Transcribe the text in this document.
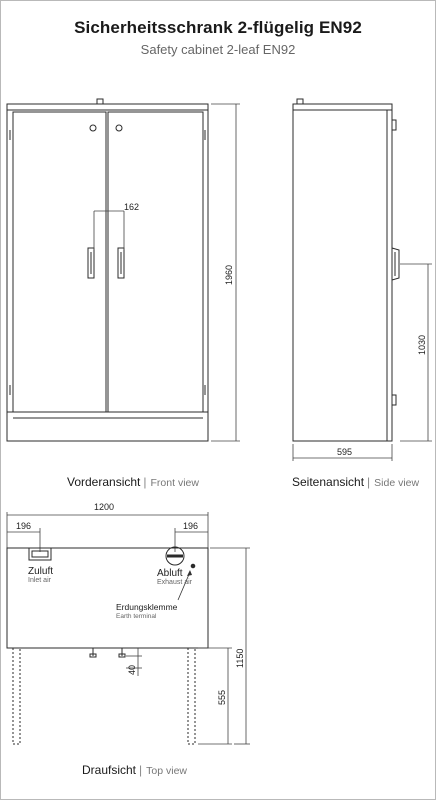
Sicherheitsschrank 2-flügelig EN92
Safety cabinet 2-leaf EN92
162
1960
1030
595
1200
196	196
40
555
1150
Zuluft
Inlet air
Abluft
Exhaust air
Erdungsklemme
Earth terminal
Vorderansicht | Front view	Seitenansicht | Side view
Draufsicht | Top view
